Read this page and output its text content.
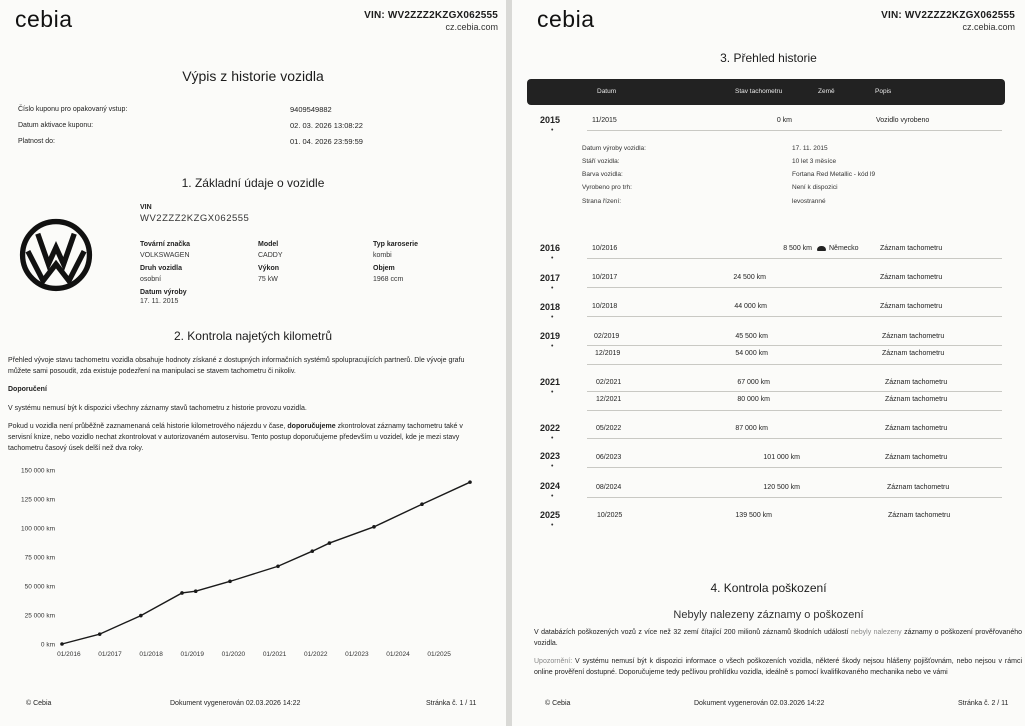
cebia	VIN: WV2ZZZ2KZGX062555
cz.cebia.com
Výpis z historie vozidla
Číslo kuponu pro opakovaný vstup:	9409549882
Datum aktivace kuponu:	02. 03. 2026 13:08:22
Platnost do:	01. 04. 2026 23:59:59
1. Základní údaje o vozidle
VIN
WV2ZZZ2KZGX062555
Tovární značka
VOLKSWAGEN
Model
CADDY
Typ karoserie
kombi
Druh vozidla
osobní
Výkon
75 kW
Objem
1968 ccm
Datum výroby
17. 11. 2015
2. Kontrola najetých kilometrů
Přehled vývoje stavu tachometru vozidla obsahuje hodnoty získané z dostupných informačních systémů spolupracujících partnerů. Dle vývoje grafu můžete sami posoudit, zda existuje podezření na manipulaci se stavem tachometru či nikoliv.
Doporučení
V systému nemusí být k dispozici všechny záznamy stavů tachometru z historie provozu vozidla.
Pokud u vozidla není průběžně zaznamenaná celá historie kilometrového nájezdu v čase, doporučujeme zkontrolovat záznamy tachometru také v servisní knize, nebo vozidlo nechat zkontrolovat v autorizovaném autoservisu. Tento postup doporučujeme především u vozidel, kde je mezi stavy tachometru časový úsek delší než dva roky.
0 km
25 000 km
50 000 km
75 000 km
100 000 km
125 000 km
150 000 km
01/2016	01/2017	01/2018	01/2019	01/2020	01/2021	01/2022	01/2023	01/2024	01/2025
© Cebia	Dokument vygenerován 02.03.2026 14:22	Stránka č. 1 / 11
cebia	VIN: WV2ZZZ2KZGX062555
cz.cebia.com
3. Přehled historie
Datum	Stav tachometru	Země	Popis
2015
•
11/2015	0 km	Vozidlo vyrobeno
Datum výroby vozidla:	17. 11. 2015
Stáří vozidla:	10 let 3 měsíce
Barva vozidla:	Fortana Red Metallic - kód l9
Vyrobeno pro trh:	Není k dispozici
Strana řízení:	levostranné
2016
•
10/2016	8 500 km	Německo	Záznam tachometru
2017
•
10/2017	24 500 km	Záznam tachometru
2018
•
10/2018	44 000 km	Záznam tachometru
2019
•
02/2019	45 500 km	Záznam tachometru
12/2019	54 000 km	Záznam tachometru
2021
•
02/2021	67 000 km	Záznam tachometru
12/2021	80 000 km	Záznam tachometru
2022
•
05/2022	87 000 km	Záznam tachometru
2023
•
06/2023	101 000 km	Záznam tachometru
2024
•
08/2024	120 500 km	Záznam tachometru
2025
•
10/2025	139 500 km	Záznam tachometru
4. Kontrola poškození
Nebyly nalezeny záznamy o poškození
V databázích poškozených vozů z více než 32 zemí čítající 200 milionů záznamů škodních událostí nebyly nalezeny záznamy o poškození prověřovaného vozidla.
Upozornění: V systému nemusí být k dispozici informace o všech poškozeních vozidla, některé škody nejsou hlášeny pojišťovnám, nebo nejsou v rámci online prověření dostupné. Doporučujeme tedy pečlivou prohlídku vozidla, ideálně s pomocí kvalifikovaného mechanika nebo ve vámi
© Cebia	Dokument vygenerován 02.03.2026 14:22	Stránka č. 2 / 11
